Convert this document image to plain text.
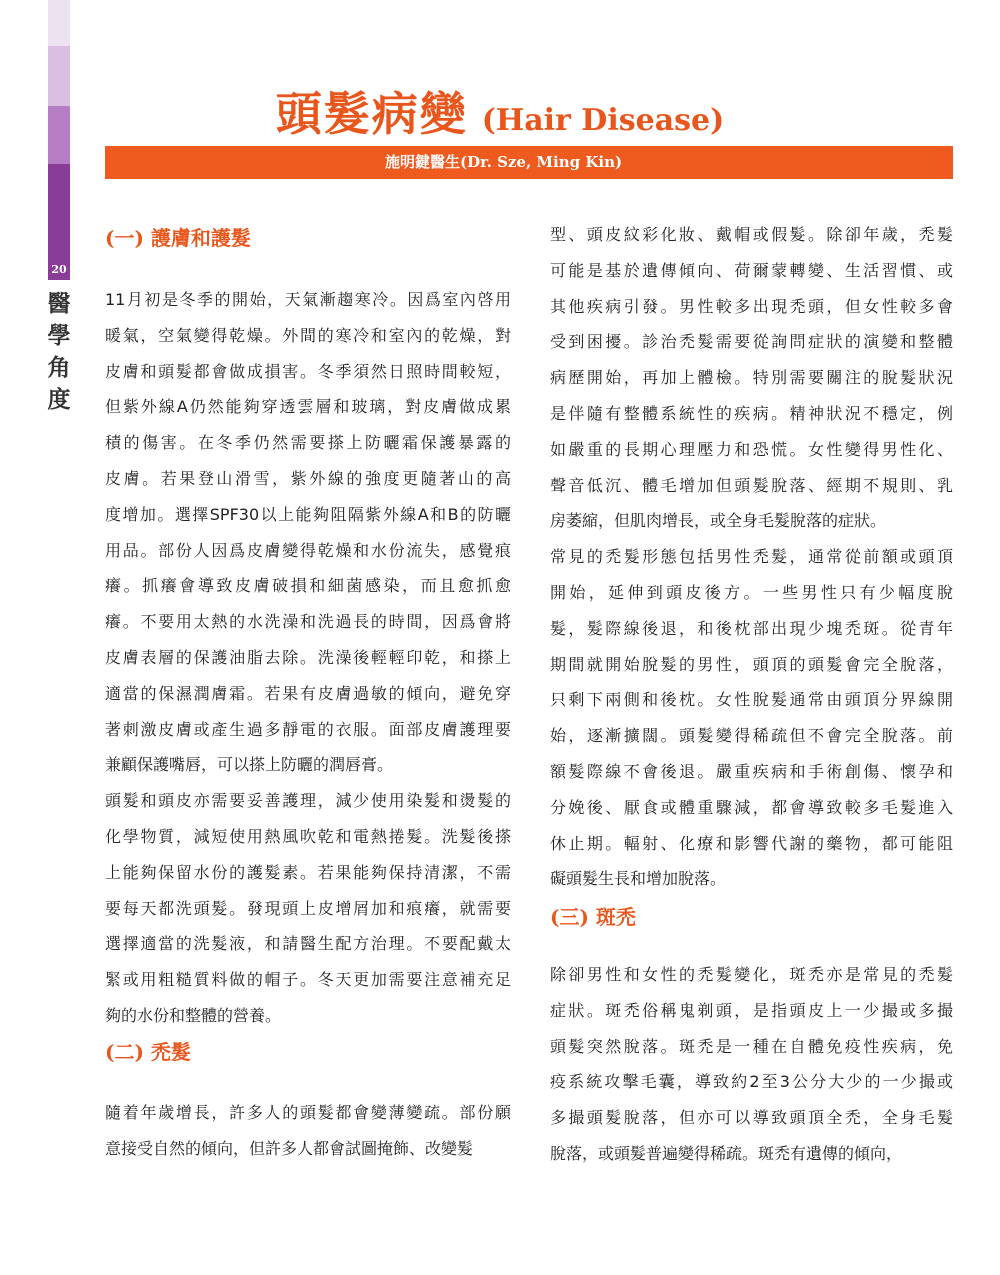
20
醫
學
角
度
頭髮病變 (Hair Disease)
施明鍵醫生(Dr. Sze, Ming Kin)
(一) 護膚和護髮
11月初是冬季的開始，天氣漸趨寒冷。因爲室內啓用
暖氣，空氣變得乾燥。外間的寒冷和室內的乾燥，對
皮膚和頭髮都會做成損害。冬季須然日照時間較短，
但紫外線A仍然能夠穿透雲層和玻璃，對皮膚做成累
積的傷害。在冬季仍然需要搽上防曬霜保護暴露的
皮膚。若果登山滑雪，紫外線的強度更隨著山的高
度增加。選擇SPF30以上能夠阻隔紫外線A和B的防曬
用品。部份人因爲皮膚變得乾燥和水份流失，感覺痕
癢。抓癢會導致皮膚破損和細菌感染，而且愈抓愈
癢。不要用太熱的水洗澡和洗過長的時間，因爲會將
皮膚表層的保護油脂去除。洗澡後輕輕印乾，和搽上
適當的保濕潤膚霜。若果有皮膚過敏的傾向，避免穿
著刺激皮膚或產生過多靜電的衣服。面部皮膚護理要
兼顧保護嘴唇，可以搽上防曬的潤唇膏。
頭髮和頭皮亦需要妥善護理，減少使用染髮和燙髮的
化學物質，減短使用熱風吹乾和電熱捲髮。洗髮後搽
上能夠保留水份的護髮素。若果能夠保持清潔，不需
要每天都洗頭髮。發現頭上皮增屑加和痕癢，就需要
選擇適當的洗髮液，和請醫生配方治理。不要配戴太
緊或用粗糙質料做的帽子。冬天更加需要注意補充足
夠的水份和整體的營養。
(二) 禿髮
隨着年歲增長，許多人的頭髮都會變薄變疏。部份願
意接受自然的傾向，但許多人都會試圖掩飾、改變髮
型、頭皮紋彩化妝、戴帽或假髮。除卻年歲，禿髮
可能是基於遺傳傾向、荷爾蒙轉變、生活習慣、或
其他疾病引發。男性較多出現禿頭，但女性較多會
受到困擾。診治禿髮需要從詢問症狀的演變和整體
病歷開始，再加上體檢。特別需要關注的脫髮狀況
是伴隨有整體系統性的疾病。精神狀況不穩定，例
如嚴重的長期心理壓力和恐慌。女性變得男性化、
聲音低沉、體毛增加但頭髮脫落、經期不規則、乳
房萎縮，但肌肉增長，或全身毛髮脫落的症狀。
常見的禿髮形態包括男性禿髮，通常從前額或頭頂
開始，延伸到頭皮後方。一些男性只有少幅度脫
髮，髮際線後退，和後枕部出現少塊禿斑。從青年
期間就開始脫髮的男性，頭頂的頭髮會完全脫落，
只剩下兩側和後枕。女性脫髮通常由頭頂分界線開
始，逐漸擴闊。頭髮變得稀疏但不會完全脫落。前
額髮際線不會後退。嚴重疾病和手術創傷、懷孕和
分娩後、厭食或體重驟減，都會導致較多毛髮進入
休止期。輻射、化療和影響代謝的藥物，都可能阻
礙頭髮生長和增加脫落。
(三) 斑禿
除卻男性和女性的禿髮變化，斑禿亦是常見的禿髮
症狀。斑禿俗稱鬼剃頭，是指頭皮上一少撮或多撮
頭髮突然脫落。斑禿是一種在自體免疫性疾病，免
疫系統攻擊毛囊，導致約2至3公分大少的一少撮或
多撮頭髮脫落，但亦可以導致頭頂全禿，全身毛髮
脫落，或頭髮普遍變得稀疏。斑禿有遺傳的傾向，
